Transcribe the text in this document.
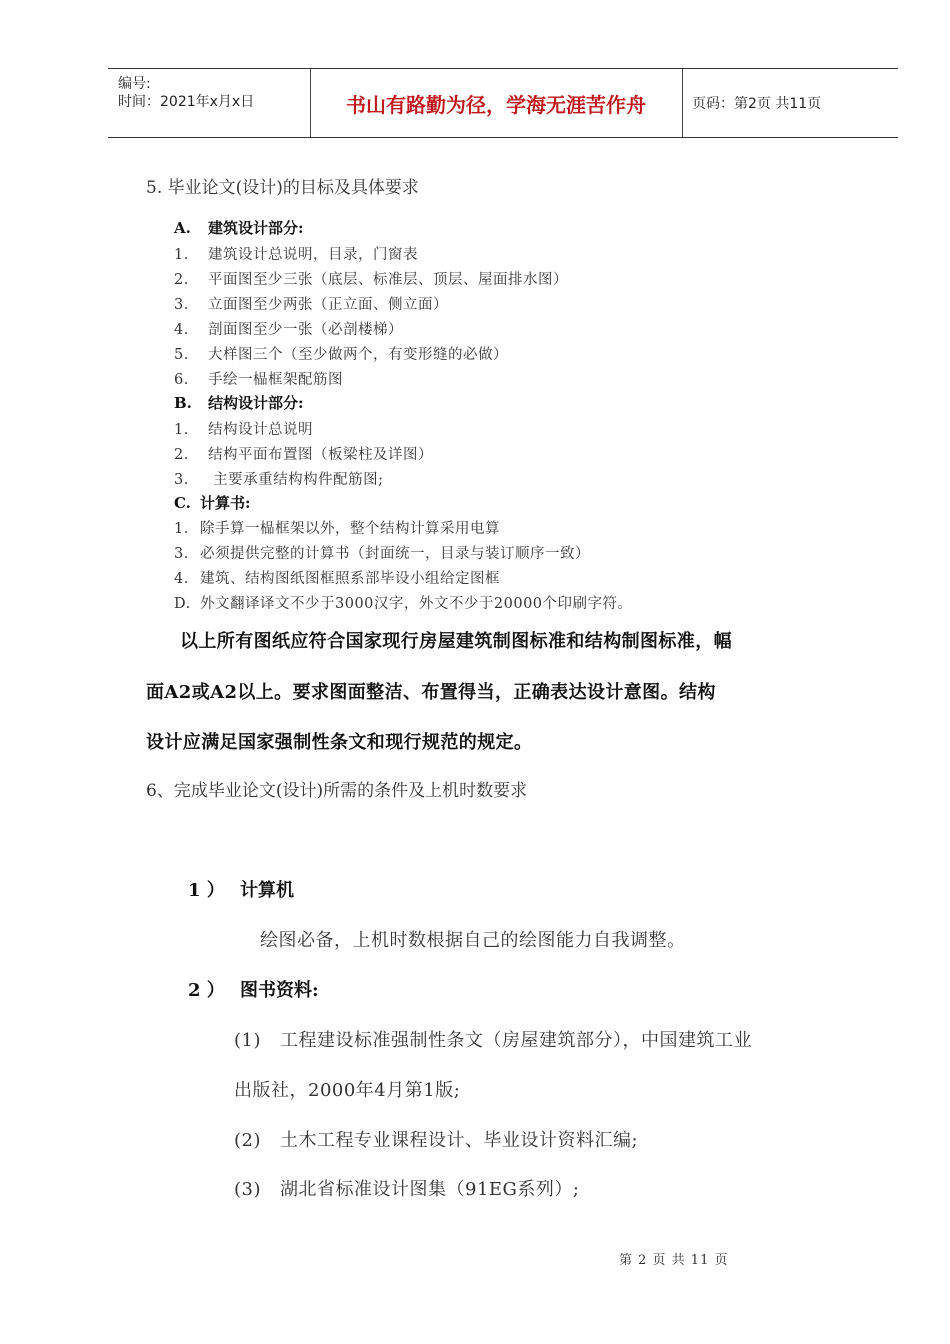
编号:
时间：2021年x月x日	书山有路勤为径，学海无涯苦作舟	页码：第2页 共11页
5. 毕业论文(设计)的目标及具体要求
A. 建筑设计部分:
1. 建筑设计总说明，目录，门窗表
2. 平面图至少三张（底层、标准层、顶层、屋面排水图）
3. 立面图至少两张（正立面、侧立面）
4. 剖面图至少一张（必剖楼梯）
5. 大样图三个（至少做两个，有变形缝的必做）
6. 手绘一榀框架配筋图
B. 结构设计部分:
1. 结构设计总说明
2. 结构平面布置图（板梁柱及详图）
3. 主要承重结构构件配筋图;
C. 计算书:
1. 除手算一榀框架以外，整个结构计算采用电算
3. 必须提供完整的计算书（封面统一，目录与装订顺序一致）
4. 建筑、结构图纸图框照系部毕设小组给定图框
D. 外文翻译译文不少于3000汉字，外文不少于20000个印刷字符。
以上所有图纸应符合国家现行房屋建筑制图标准和结构制图标准，幅
面A2或A2以上。要求图面整洁、布置得当，正确表达设计意图。结构
设计应满足国家强制性条文和现行规范的规定。
6、完成毕业论文(设计)所需的条件及上机时数要求
1 ） 计算机
绘图必备，上机时数根据自己的绘图能力自我调整。
2 ） 图书资料:
(1) 工程建设标准强制性条文（房屋建筑部分），中国建筑工业
出版社，2000年4月第1版;
(2) 土木工程专业课程设计、毕业设计资料汇编;
(3) 湖北省标准设计图集（91EG系列）;
第 2 页 共 11 页
